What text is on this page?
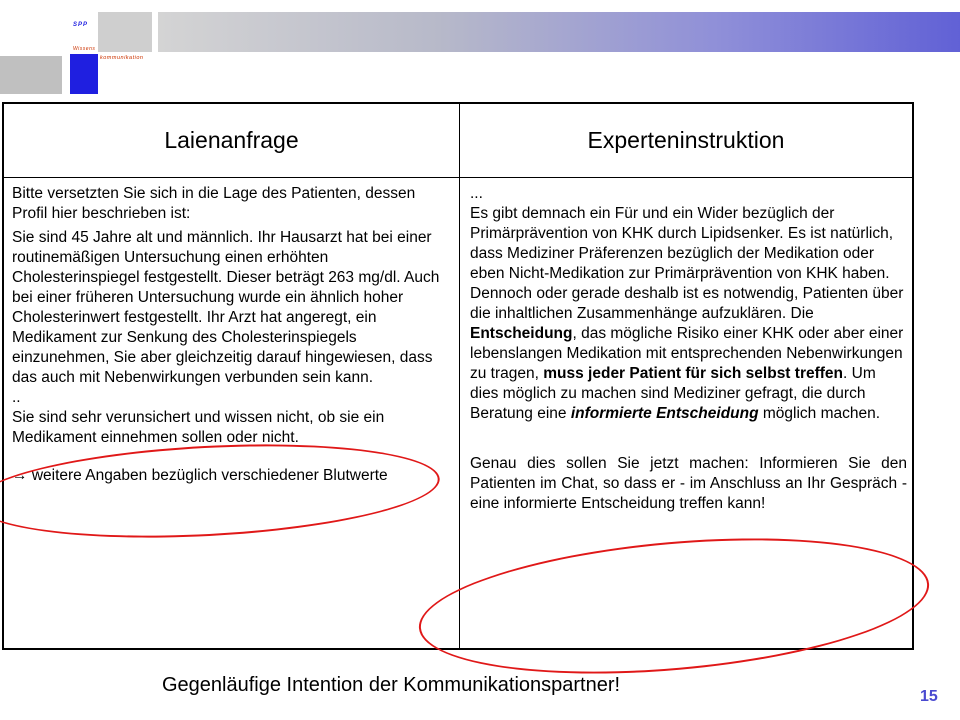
SPP
Wissens
kommunikation
Laienanfrage	Experteninstruktion

Bitte versetzten Sie sich in die Lage des Patienten, dessen Profil hier beschrieben ist:

Sie sind 45 Jahre alt und männlich. Ihr Hausarzt hat bei einer routinemäßigen Untersuchung einen erhöhten Cholesterinspiegel festgestellt. Dieser beträgt 263 mg/dl. Auch bei einer früheren Untersuchung wurde ein ähnlich hoher Cholesterinwert festgestellt. Ihr Arzt hat angeregt, ein Medikament zur Senkung des Cholesterinspiegels einzunehmen, Sie aber gleichzeitig darauf hingewiesen, dass das auch mit Nebenwirkungen verbunden sein kann.

..

Sie sind sehr verunsichert und wissen nicht, ob sie ein Medikament einnehmen sollen oder nicht.

→ weitere Angaben bezüglich verschiedener Blutwerte

...

Es gibt demnach ein Für und ein Wider bezüglich der Primärprävention von KHK durch Lipidsenker. Es ist natürlich, dass Mediziner Präferenzen bezüglich der Medikation oder eben Nicht-Medikation zur Primärprävention von KHK haben. Dennoch oder gerade deshalb ist es notwendig, Patienten über die inhaltlichen Zusammenhänge aufzuklären. Die Entscheidung, das mögliche Risiko einer KHK oder aber einer lebenslangen Medikation mit entsprechenden Nebenwirkungen zu tragen, muss jeder Patient für sich selbst treffen. Um dies möglich zu machen sind Mediziner gefragt, die durch Beratung eine informierte Entscheidung möglich machen.

Genau dies sollen Sie jetzt machen: Informieren Sie den Patienten im Chat, so dass er - im Anschluss an Ihr Gespräch - eine informierte Entscheidung treffen kann!

Gegenläufige Intention der Kommunikationspartner!
15
